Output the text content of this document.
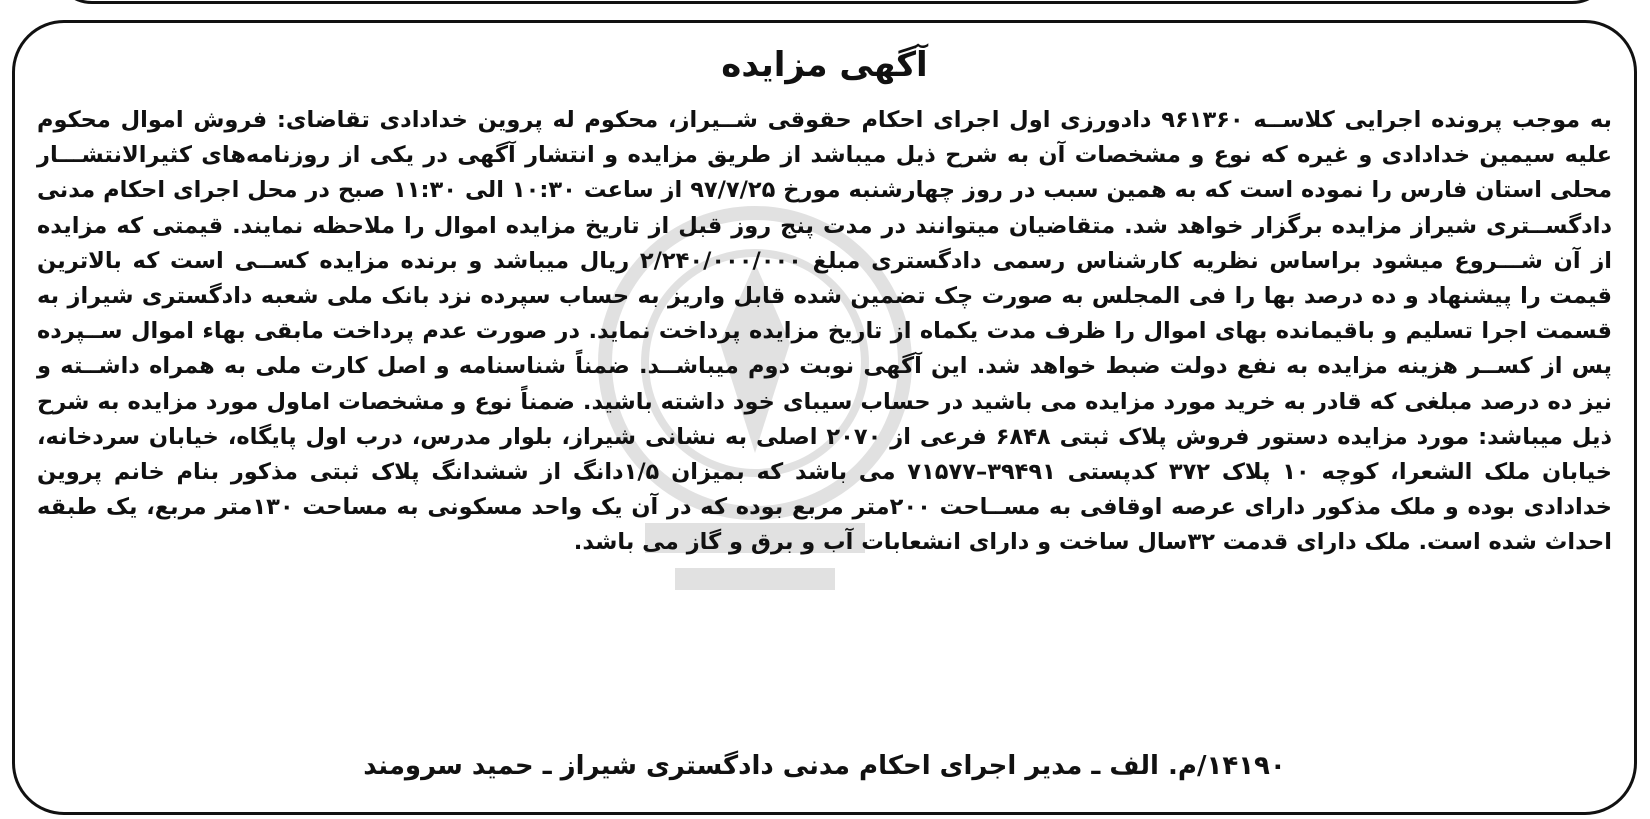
آگهی مزایده
به موجب پرونده اجرایی کلاســه ۹۶۱۳۶۰ دادورزی اول اجرای احکام حقوقی شــیراز، محکوم له پروین خدادادی تقاضای: فروش اموال محکوم علیه سیمین خدادادی و غیره که نوع و مشخصات آن به شرح ذیل میباشد از طریق مزایده و انتشار آگهی در یکی از روزنامه‌های کثیرالانتشـــار محلی استان فارس را نموده است که به همین سبب در روز چهارشنبه مورخ ۹۷/۷/۲۵ از ساعت ۱۰:۳۰ الی ۱۱:۳۰ صبح در محل اجرای احکام مدنی دادگســتری شیراز مزایده برگزار خواهد شد. متقاضیان میتوانند در مدت پنج روز قبل از تاریخ مزایده اموال را ملاحظه نمایند. قیمتی که مزایده از آن شـــروع میشود براساس نظریه کارشناس رسمی دادگستری مبلغ ۲/۲۴۰/۰۰۰/۰۰۰ ریال میباشد و برنده مزایده کســی است که بالاترین قیمت را پیشنهاد و ده درصد بها را فی المجلس به صورت چک تضمین شده قابل واریز به حساب سپرده نزد بانک ملی شعبه دادگستری شیراز به قسمت اجرا تسلیم و باقیمانده بهای اموال را ظرف مدت یکماه از تاریخ مزایده پرداخت نماید. در صورت عدم پرداخت مابقی بهاء اموال ســپرده پس از کســر هزینه مزایده به نفع دولت ضبط خواهد شد. این آگهی نوبت دوم میباشــد. ضمناً شناسنامه و اصل کارت ملی به همراه داشــته و نیز ده درصد مبلغی که قادر به خرید مورد مزایده می باشید در حساب سیبای خود داشته باشید. ضمناً نوع و مشخصات اماول مورد مزایده به شرح ذیل میباشد: مورد مزایده دستور فروش پلاک ثبتی ۶۸۴۸ فرعی از ۲۰۷۰ اصلی به نشانی شیراز، بلوار مدرس، درب اول پایگاه، خیابان سردخانه، خیابان ملک الشعرا، کوچه ۱۰ پلاک ۳۷۲ کدپستی ۳۹۴۹۱–۷۱۵۷۷ می باشد که بمیزان ۱/۵دانگ از ششدانگ پلاک ثبتی مذکور بنام خانم پروین خدادادی بوده و ملک مذکور دارای عرصه اوقافی به مســاحت ۲۰۰متر مربع بوده که در آن یک واحد مسکونی به مساحت ۱۳۰متر مربع، یک طبقه احداث شده است. ملک دارای قدمت ۳۲سال ساخت و دارای انشعابات آب و برق و گاز می باشد.
۱۴۱۹۰/م. الف ـ مدیر اجرای احکام مدنی دادگستری شیراز ـ حمید سرومند
